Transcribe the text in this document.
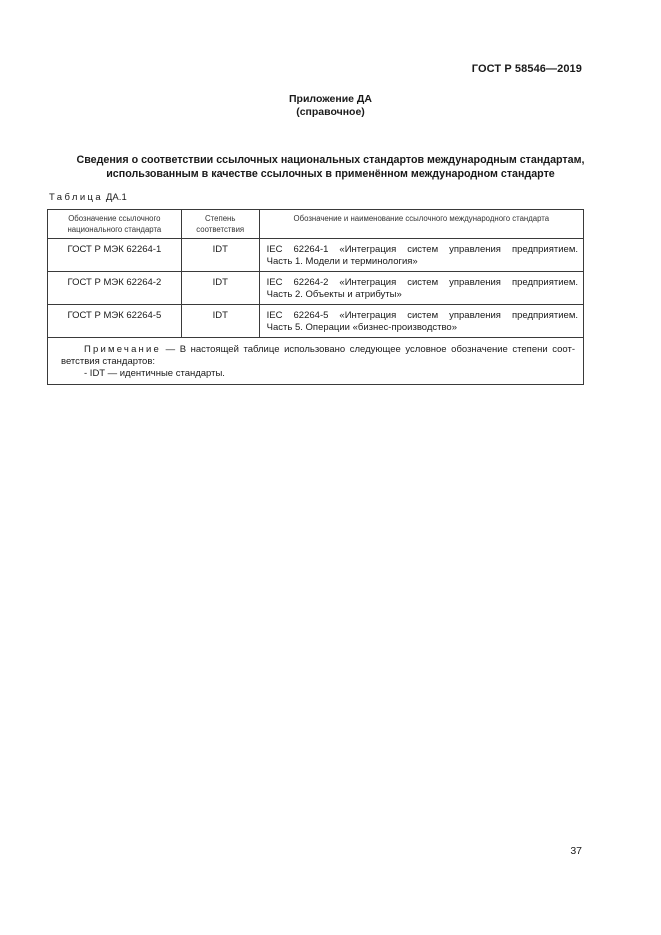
ГОСТ Р 58546—2019
Приложение ДА
(справочное)
Сведения о соответствии ссылочных национальных стандартов международным стандартам,
использованным в качестве ссылочных в применённом международном стандарте
Таблица ДА.1
Обозначение ссылочного национального стандарта	Степень соответствия	Обозначение и наименование ссылочного международного стандарта
ГОСТ Р МЭК 62264-1	IDT	IEC 62264-1 «Интеграция систем управления предприятием.
Часть 1. Модели и терминология»

ГОСТ Р МЭК 62264-2	IDT	IEC 62264-2 «Интеграция систем управления предприятием.
Часть 2. Объекты и атрибуты»

ГОСТ Р МЭК 62264-5	IDT	IEC 62264-5 «Интеграция систем управления предприятием.
Часть 5. Операции «бизнес-производство»

Примечание — В настоящей таблице использовано следующее условное обозначение степени соот-
ветствия стандартов:
- IDT — идентичные стандарты.		
37
